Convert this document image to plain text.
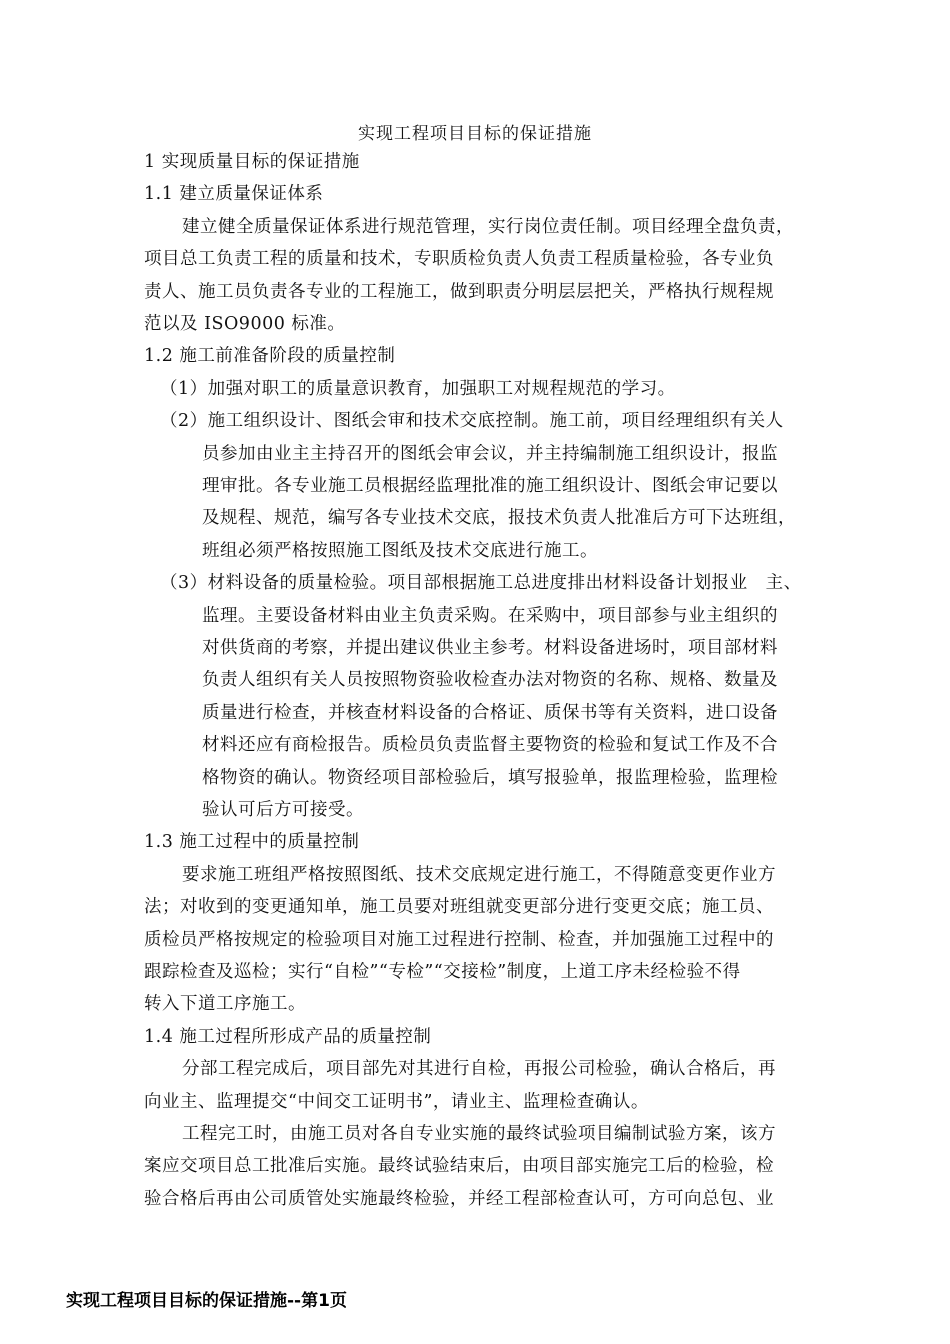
实现工程项目目标的保证措施
1 实现质量目标的保证措施
1.1 建立质量保证体系
建立健全质量保证体系进行规范管理，实行岗位责任制。项目经理全盘负责，
项目总工负责工程的质量和技术，专职质检负责人负责工程质量检验，各专业负
责人、施工员负责各专业的工程施工，做到职责分明层层把关，严格执行规程规
范以及 ISO9000 标准。
1.2 施工前准备阶段的质量控制
（1）加强对职工的质量意识教育，加强职工对规程规范的学习。
（2）施工组织设计、图纸会审和技术交底控制。施工前，项目经理组织有关人
员参加由业主主持召开的图纸会审会议，并主持编制施工组织设计，报监
理审批。各专业施工员根据经监理批准的施工组织设计、图纸会审记要以
及规程、规范，编写各专业技术交底，报技术负责人批准后方可下达班组，
班组必须严格按照施工图纸及技术交底进行施工。
（3）材料设备的质量检验。项目部根据施工总进度排出材料设备计划报业　主、
监理。主要设备材料由业主负责采购。在采购中，项目部参与业主组织的
对供货商的考察，并提出建议供业主参考。材料设备进场时，项目部材料
负责人组织有关人员按照物资验收检查办法对物资的名称、规格、数量及
质量进行检查，并核查材料设备的合格证、质保书等有关资料，进口设备
材料还应有商检报告。质检员负责监督主要物资的检验和复试工作及不合
格物资的确认。物资经项目部检验后，填写报验单，报监理检验，监理检
验认可后方可接受。
1.3 施工过程中的质量控制
要求施工班组严格按照图纸、技术交底规定进行施工，不得随意变更作业方
法；对收到的变更通知单，施工员要对班组就变更部分进行变更交底；施工员、
质检员严格按规定的检验项目对施工过程进行控制、检查，并加强施工过程中的
跟踪检查及巡检；实行“自检”“专检”“交接检”制度，上道工序未经检验不得
转入下道工序施工。
1.4 施工过程所形成产品的质量控制
分部工程完成后，项目部先对其进行自检，再报公司检验，确认合格后，再
向业主、监理提交“中间交工证明书”，请业主、监理检查确认。
工程完工时，由施工员对各自专业实施的最终试验项目编制试验方案，该方
案应交项目总工批准后实施。最终试验结束后，由项目部实施完工后的检验，检
验合格后再由公司质管处实施最终检验，并经工程部检查认可，方可向总包、业
实现工程项目目标的保证措施--第1页
